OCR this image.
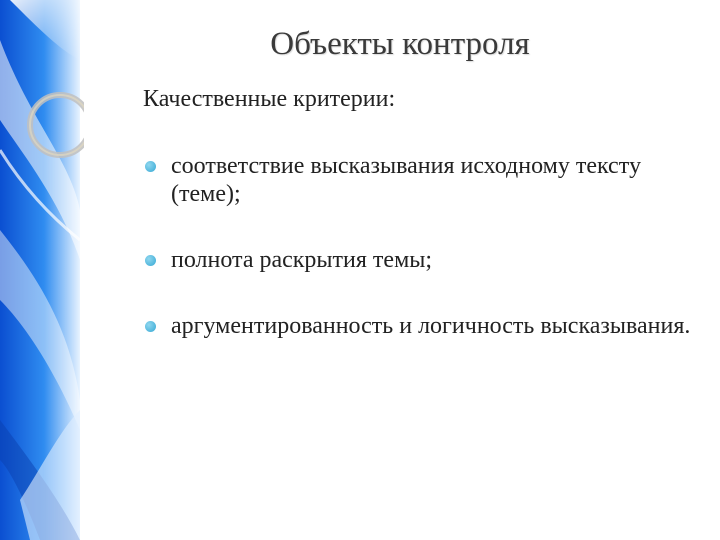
Объекты контроля
Качественные критерии:
соответствие высказывания исходному текстy (теме);
полнота раскрытия темы;
аргументированность и логичность высказывания.
